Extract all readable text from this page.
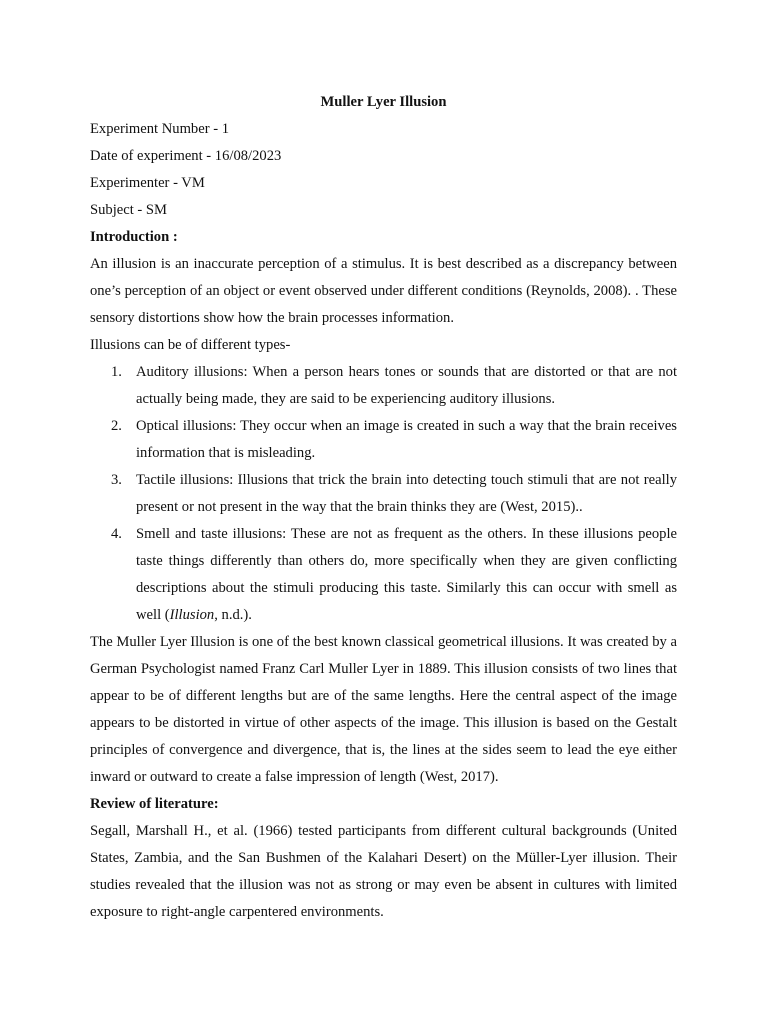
Muller Lyer Illusion

Experiment Number - 1

Date of experiment - 16/08/2023

Experimenter - VM

Subject - SM

Introduction :

An illusion is an inaccurate perception of a stimulus. It is best described as a discrepancy between one’s perception of an object or event observed under different conditions (Reynolds, 2008). . These sensory distortions show how the brain processes information.

Illusions can be of different types-

1. Auditory illusions: When a person hears tones or sounds that are distorted or that are not actually being made, they are said to be experiencing auditory illusions.
2. Optical illusions: They occur when an image is created in such a way that the brain receives information that is misleading.
3. Tactile illusions: Illusions that trick the brain into detecting touch stimuli that are not really present or not present in the way that the brain thinks they are (West, 2015)..
4. Smell and taste illusions: These are not as frequent as the others. In these illusions people taste things differently than others do, more specifically when they are given conflicting descriptions about the stimuli producing this taste. Similarly this can occur with smell as well (Illusion, n.d.).

The Muller Lyer Illusion is one of the best known classical geometrical illusions. It was created by a German Psychologist named Franz Carl Muller Lyer in 1889. This illusion consists of two lines that appear to be of different lengths but are of the same lengths. Here the central aspect of the image appears to be distorted in virtue of other aspects of the image. This illusion is based on the Gestalt principles of convergence and divergence, that is, the lines at the sides seem to lead the eye either inward or outward to create a false impression of length (West, 2017).

Review of literature:

Segall, Marshall H., et al. (1966) tested participants from different cultural backgrounds (United States, Zambia, and the San Bushmen of the Kalahari Desert) on the Müller-Lyer illusion. Their studies revealed that the illusion was not as strong or may even be absent in cultures with limited exposure to right-angle carpentered environments.
